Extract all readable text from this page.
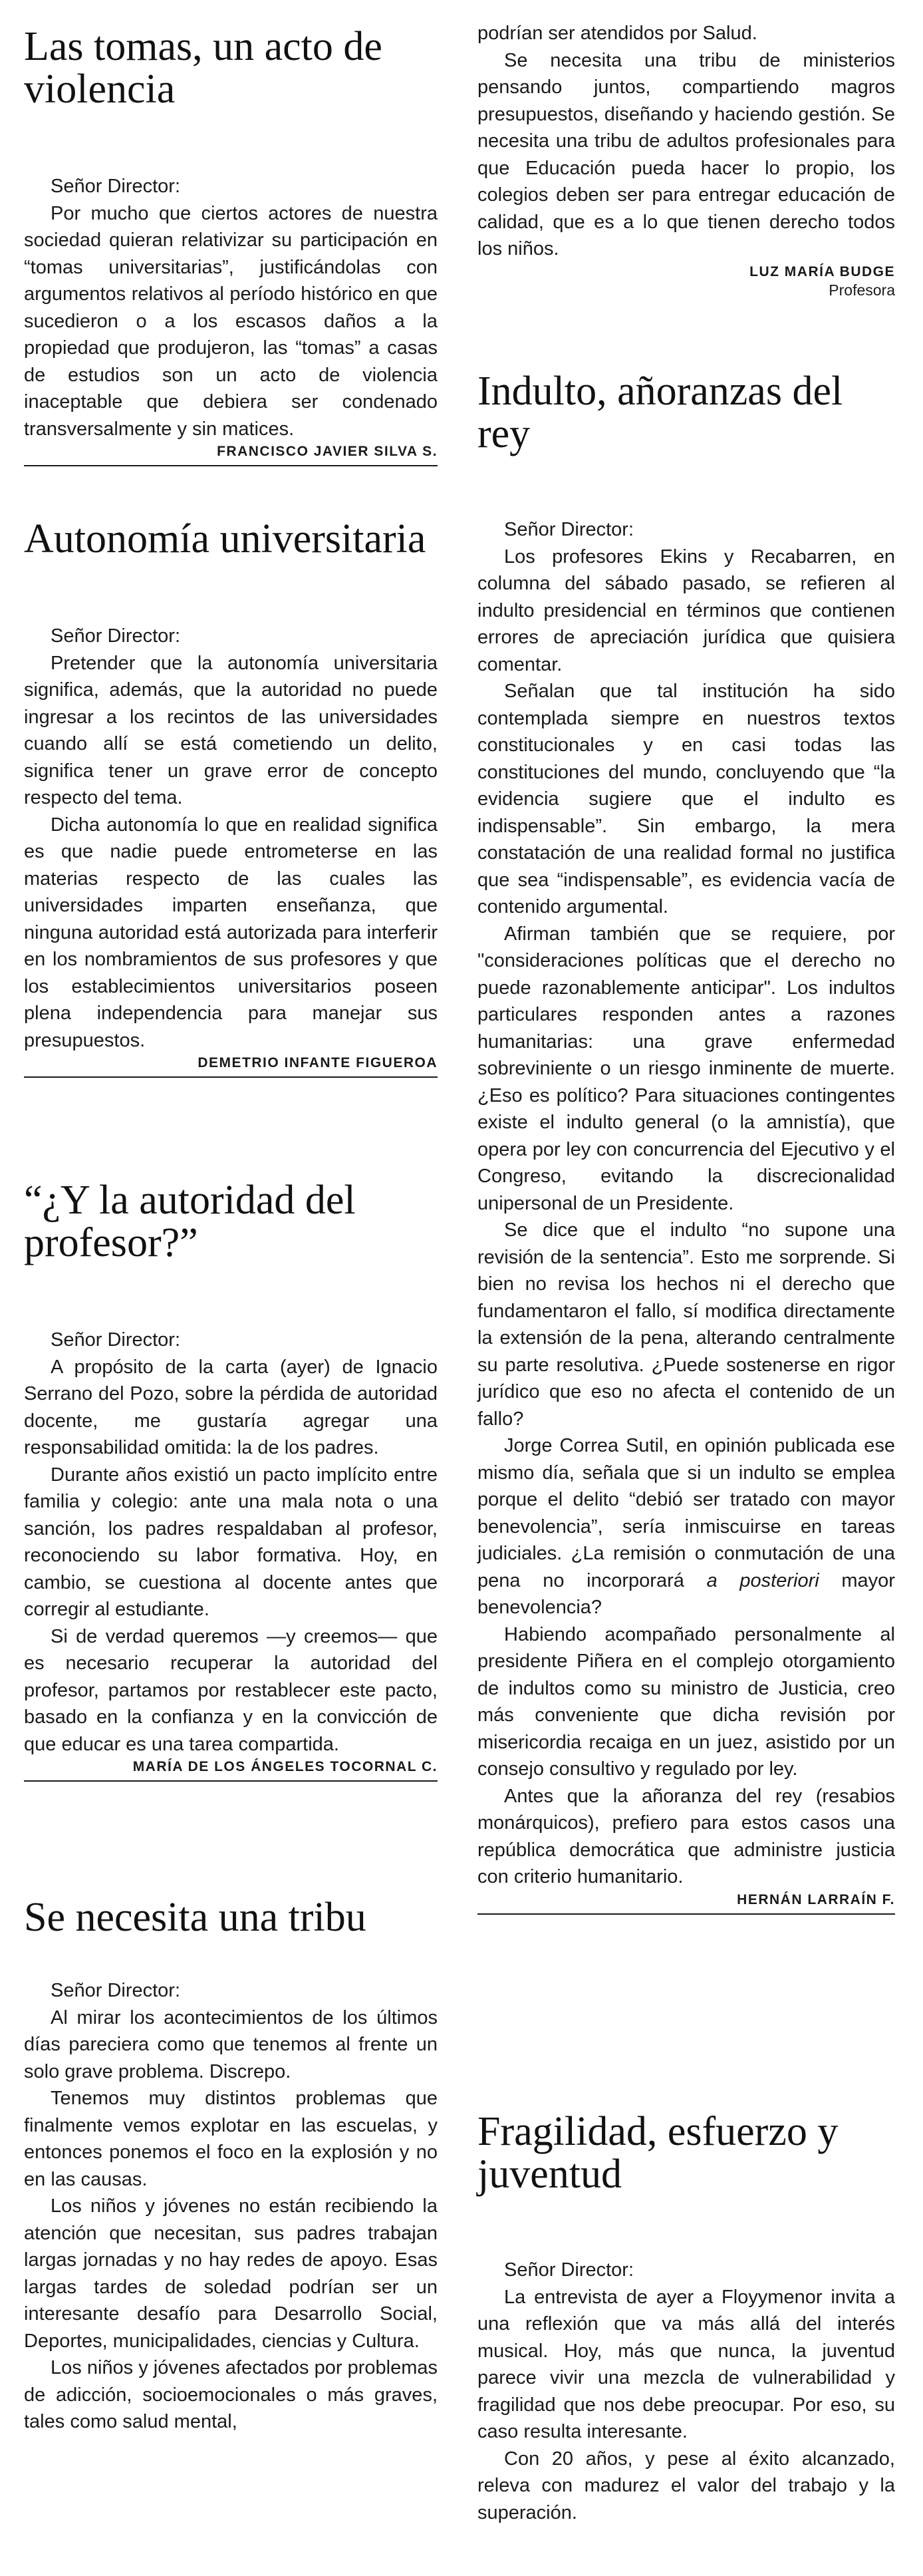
Las tomas, un acto de violencia

Señor Director:

Por mucho que ciertos actores de nuestra sociedad quieran relativizar su participación en “tomas universitarias”, justificándolas con argumentos relativos al período histórico en que sucedieron o a los escasos daños a la propiedad que produjeron, las “tomas” a casas de estudios son un acto de violencia inaceptable que debiera ser condenado transversalmente y sin matices.

FRANCISCO JAVIER SILVA S.
Autonomía universitaria

Señor Director:

Pretender que la autonomía universitaria significa, además, que la autoridad no puede ingresar a los recintos de las universidades cuando allí se está cometiendo un delito, significa tener un grave error de concepto respecto del tema.

Dicha autonomía lo que en realidad significa es que nadie puede entrometerse en las materias respecto de las cuales las universidades imparten enseñanza, que ninguna autoridad está autorizada para interferir en los nombramientos de sus profesores y que los establecimientos universitarios poseen plena independencia para manejar sus presupuestos.

DEMETRIO INFANTE FIGUEROA
“¿Y la autoridad del profesor?”

Señor Director:

A propósito de la carta (ayer) de Ignacio Serrano del Pozo, sobre la pérdida de autoridad docente, me gustaría agregar una responsabilidad omitida: la de los padres.

Durante años existió un pacto implícito entre familia y colegio: ante una mala nota o una sanción, los padres respaldaban al profesor, reconociendo su labor formativa. Hoy, en cambio, se cuestiona al docente antes que corregir al estudiante.

Si de verdad queremos —y creemos— que es necesario recuperar la autoridad del profesor, partamos por restablecer este pacto, basado en la confianza y en la convicción de que educar es una tarea compartida.

MARÍA DE LOS ÁNGELES TOCORNAL C.
Se necesita una tribu

Señor Director:

Al mirar los acontecimientos de los últimos días pareciera como que tenemos al frente un solo grave problema. Discrepo.

Tenemos muy distintos problemas que finalmente vemos explotar en las escuelas, y entonces ponemos el foco en la explosión y no en las causas.

Los niños y jóvenes no están recibiendo la atención que necesitan, sus padres trabajan largas jornadas y no hay redes de apoyo. Esas largas tardes de soledad podrían ser un interesante desafío para Desarrollo Social, Deportes, municipalidades, ciencias y Cultura.

Los niños y jóvenes afectados por problemas de adicción, socioemocionales o más graves, tales como salud mental,

podrían ser atendidos por Salud.

Se necesita una tribu de ministerios pensando juntos, compartiendo magros presupuestos, diseñando y haciendo gestión. Se necesita una tribu de adultos profesionales para que Educación pueda hacer lo propio, los colegios deben ser para entregar educación de calidad, que es a lo que tienen derecho todos los niños.

LUZ MARÍA BUDGE
Profesora
Indulto, añoranzas del rey

Señor Director:

Los profesores Ekins y Recabarren, en columna del sábado pasado, se refieren al indulto presidencial en términos que contienen errores de apreciación jurídica que quisiera comentar.

Señalan que tal institución ha sido contemplada siempre en nuestros textos constitucionales y en casi todas las constituciones del mundo, concluyendo que “la evidencia sugiere que el indulto es indispensable”. Sin embargo, la mera constatación de una realidad formal no justifica que sea “indispensable”, es evidencia vacía de contenido argumental.

Afirman también que se requiere, por "consideraciones políticas que el derecho no puede razonablemente anticipar". Los indultos particulares responden antes a razones humanitarias: una grave enfermedad sobreviniente o un riesgo inminente de muerte. ¿Eso es político? Para situaciones contingentes existe el indulto general (o la amnistía), que opera por ley con concurrencia del Ejecutivo y el Congreso, evitando la discrecionalidad unipersonal de un Presidente.

Se dice que el indulto “no supone una revisión de la sentencia”. Esto me sorprende. Si bien no revisa los hechos ni el derecho que fundamentaron el fallo, sí modifica directamente la extensión de la pena, alterando centralmente su parte resolutiva. ¿Puede sostenerse en rigor jurídico que eso no afecta el contenido de un fallo?

Jorge Correa Sutil, en opinión publicada ese mismo día, señala que si un indulto se emplea porque el delito “debió ser tratado con mayor benevolencia”, sería inmiscuirse en tareas judiciales. ¿La remisión o conmutación de una pena no incorporará a posteriori mayor benevolencia?

Habiendo acompañado personalmente al presidente Piñera en el complejo otorgamiento de indultos como su ministro de Justicia, creo más conveniente que dicha revisión por misericordia recaiga en un juez, asistido por un consejo consultivo y regulado por ley.

Antes que la añoranza del rey (resabios monárquicos), prefiero para estos casos una república democrática que administre justicia con criterio humanitario.

HERNÁN LARRAÍN F.
Fragilidad, esfuerzo y juventud

Señor Director:

La entrevista de ayer a Floyymenor invita a una reflexión que va más allá del interés musical. Hoy, más que nunca, la juventud parece vivir una mezcla de vulnerabilidad y fragilidad que nos debe preocupar. Por eso, su caso resulta interesante.

Con 20 años, y pese al éxito alcanzado, releva con madurez el valor del trabajo y la superación.
